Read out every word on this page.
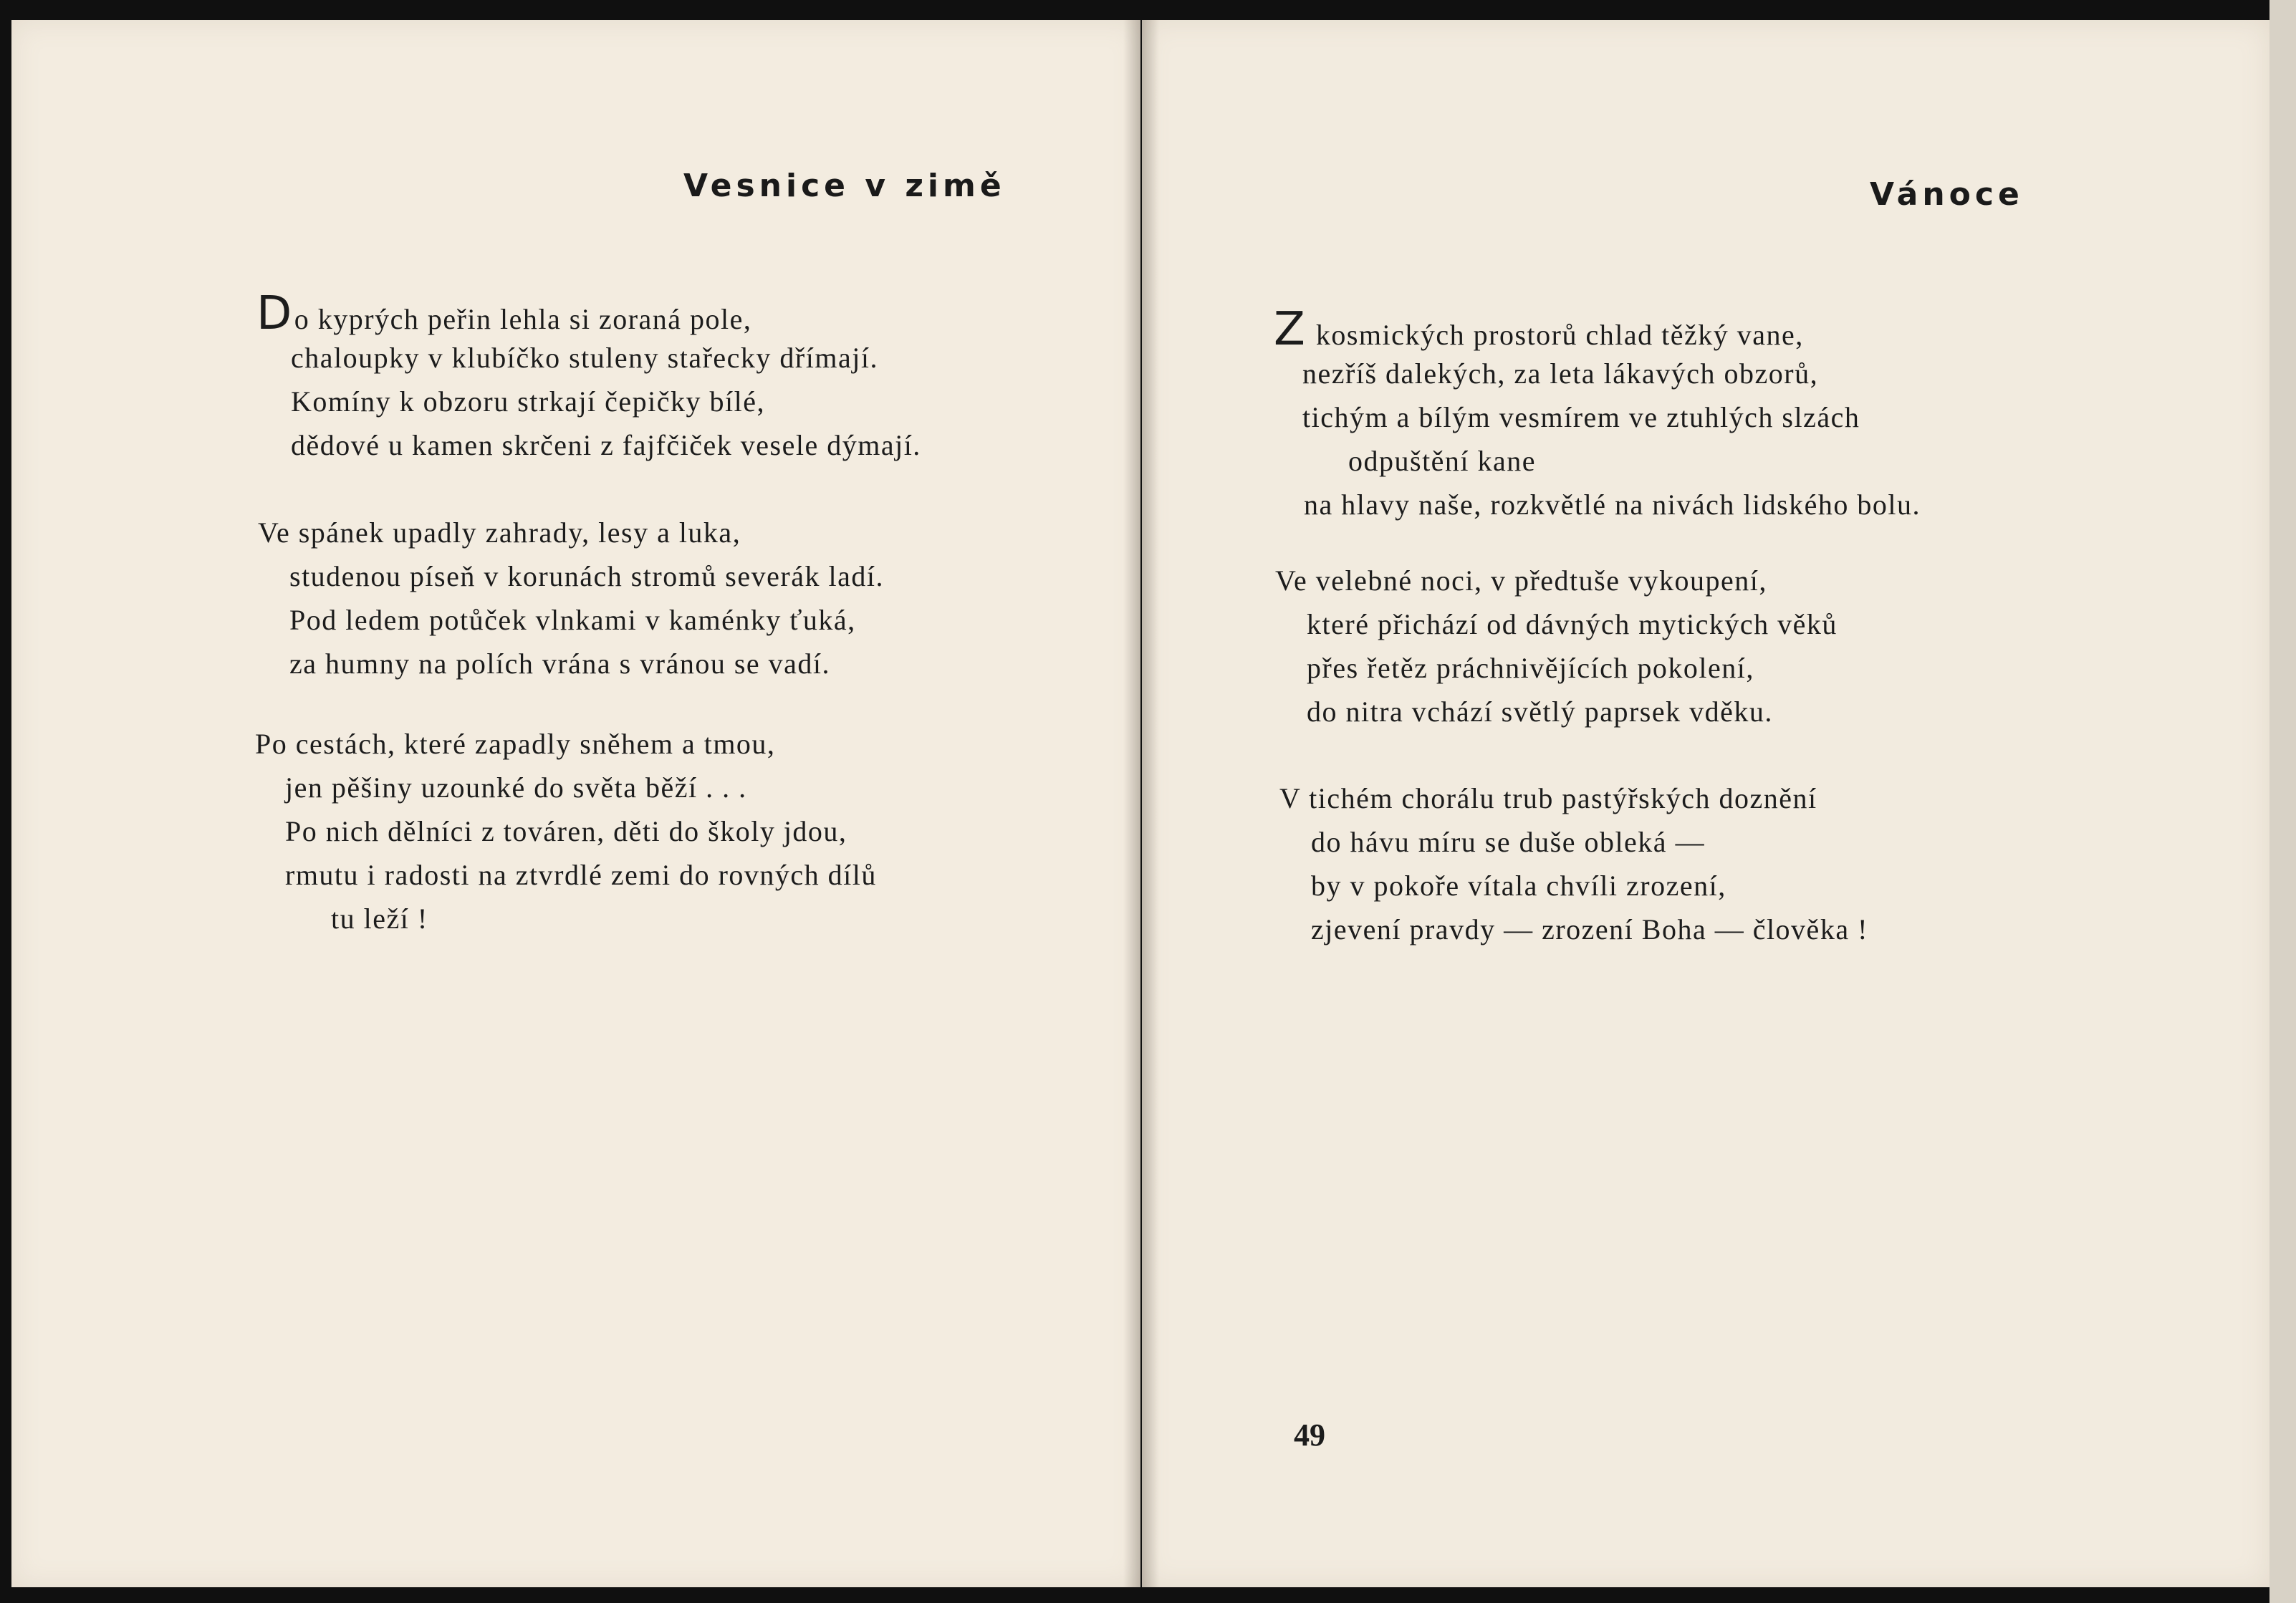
Vesnice v zimě
Do kyprých peřin lehla si zoraná pole,
chaloupky v klubíčko stuleny stařecky dřímají.
Komíny k obzoru strkají čepičky bílé,
dědové u kamen skrčeni z fajfčiček vesele dýmají.
Ve spánek upadly zahrady, lesy a luka,
studenou píseň v korunách stromů severák ladí.
Pod ledem potůček vlnkami v kaménky ťuká,
za humny na polích vrána s vránou se vadí.
Po cestách, které zapadly sněhem a tmou,
jen pěšiny uzounké do světa běží . . .
Po nich dělníci z továren, děti do školy jdou,
rmutu i radosti na ztvrdlé zemi do rovných dílů
tu leží !
Vánoce
Z kosmických prostorů chlad těžký vane,
nezříš dalekých, za leta lákavých obzorů,
tichým a bílým vesmírem ve ztuhlých slzách
odpuštění kane
na hlavy naše, rozkvětlé na nivách lidského bolu.
Ve velebné noci, v předtuše vykoupení,
které přichází od dávných mytických věků
přes řetěz práchnivějících pokolení,
do nitra vchází světlý paprsek vděku.
V tichém chorálu trub pastýřských doznění
do hávu míru se duše obleká —
by v pokoře vítala chvíli zrození,
zjevení pravdy — zrození Boha — člověka !
49
